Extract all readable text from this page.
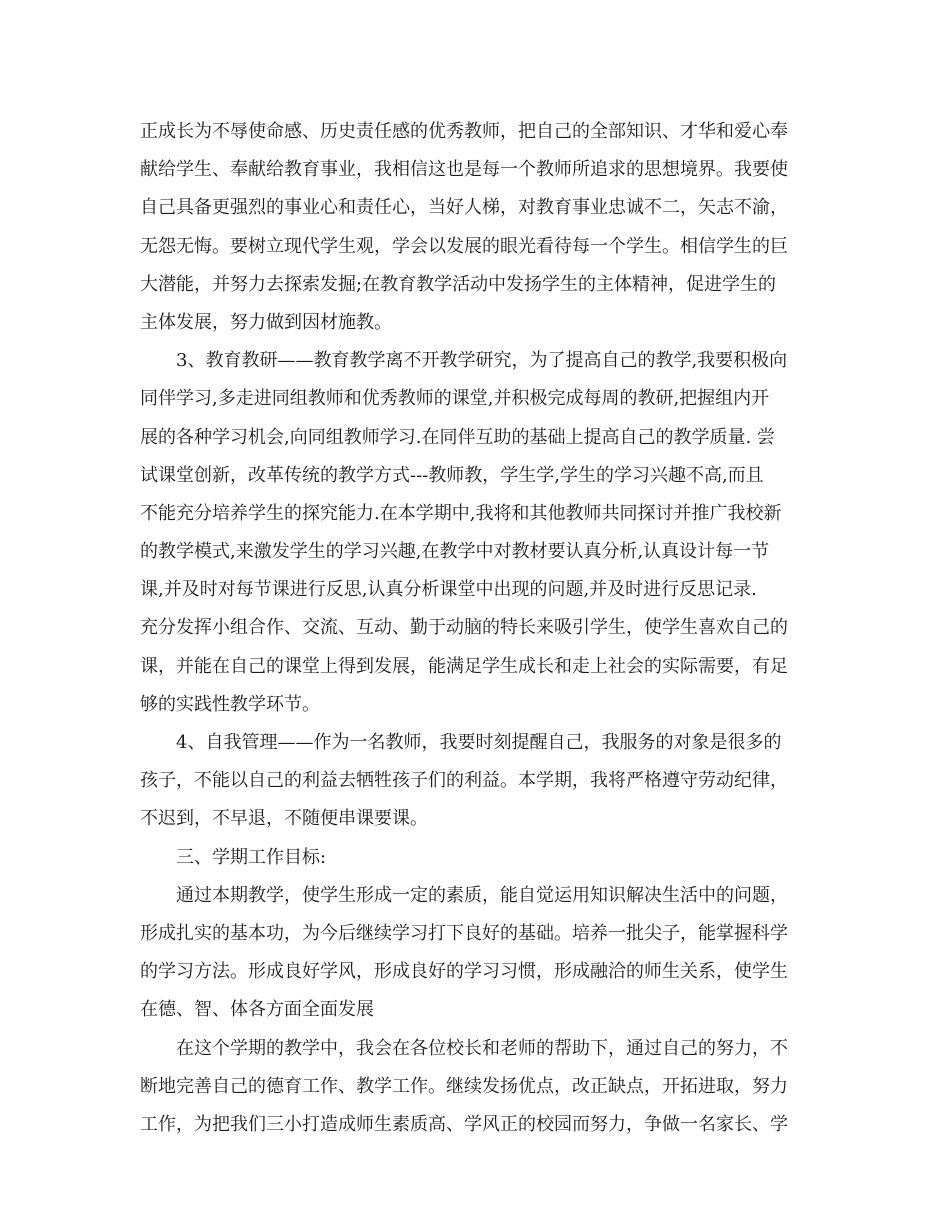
正成长为不辱使命感、历史责任感的优秀教师，把自己的全部知识、才华和爱心奉
献给学生、奉献给教育事业，我相信这也是每一个教师所追求的思想境界。我要使
自己具备更强烈的事业心和责任心，当好人梯，对教育事业忠诚不二，矢志不渝，
无怨无悔。要树立现代学生观，学会以发展的眼光看待每一个学生。相信学生的巨
大潜能，并努力去探索发掘;在教育教学活动中发扬学生的主体精神，促进学生的
主体发展，努力做到因材施教。
3、教育教研——教育教学离不开教学研究，为了提高自己的教学,我要积极向
同伴学习,多走进同组教师和优秀教师的课堂,并积极完成每周的教研,把握组内开
展的各种学习机会,向同组教师学习.在同伴互助的基础上提高自己的教学质量. 尝
试课堂创新，改革传统的教学方式---教师教，学生学,学生的学习兴趣不高,而且
不能充分培养学生的探究能力.在本学期中,我将和其他教师共同探讨并推广我校新
的教学模式,来激发学生的学习兴趣,在教学中对教材要认真分析,认真设计每一节
课,并及时对每节课进行反思,认真分析课堂中出现的问题,并及时进行反思记录.
充分发挥小组合作、交流、互动、勤于动脑的特长来吸引学生，使学生喜欢自己的
课，并能在自己的课堂上得到发展，能满足学生成长和走上社会的实际需要，有足
够的实践性教学环节。
4、自我管理——作为一名教师，我要时刻提醒自己，我服务的对象是很多的
孩子，不能以自己的利益去牺牲孩子们的利益。本学期，我将严格遵守劳动纪律，
不迟到，不早退，不随便串课要课。
三、学期工作目标:
通过本期教学，使学生形成一定的素质，能自觉运用知识解决生活中的问题，
形成扎实的基本功，为今后继续学习打下良好的基础。培养一批尖子，能掌握科学
的学习方法。形成良好学风，形成良好的学习习惯，形成融洽的师生关系，使学生
在德、智、体各方面全面发展
在这个学期的教学中，我会在各位校长和老师的帮助下，通过自己的努力，不
断地完善自己的德育工作、教学工作。继续发扬优点，改正缺点，开拓进取，努力
工作，为把我们三小打造成师生素质高、学风正的校园而努力，争做一名家长、学
